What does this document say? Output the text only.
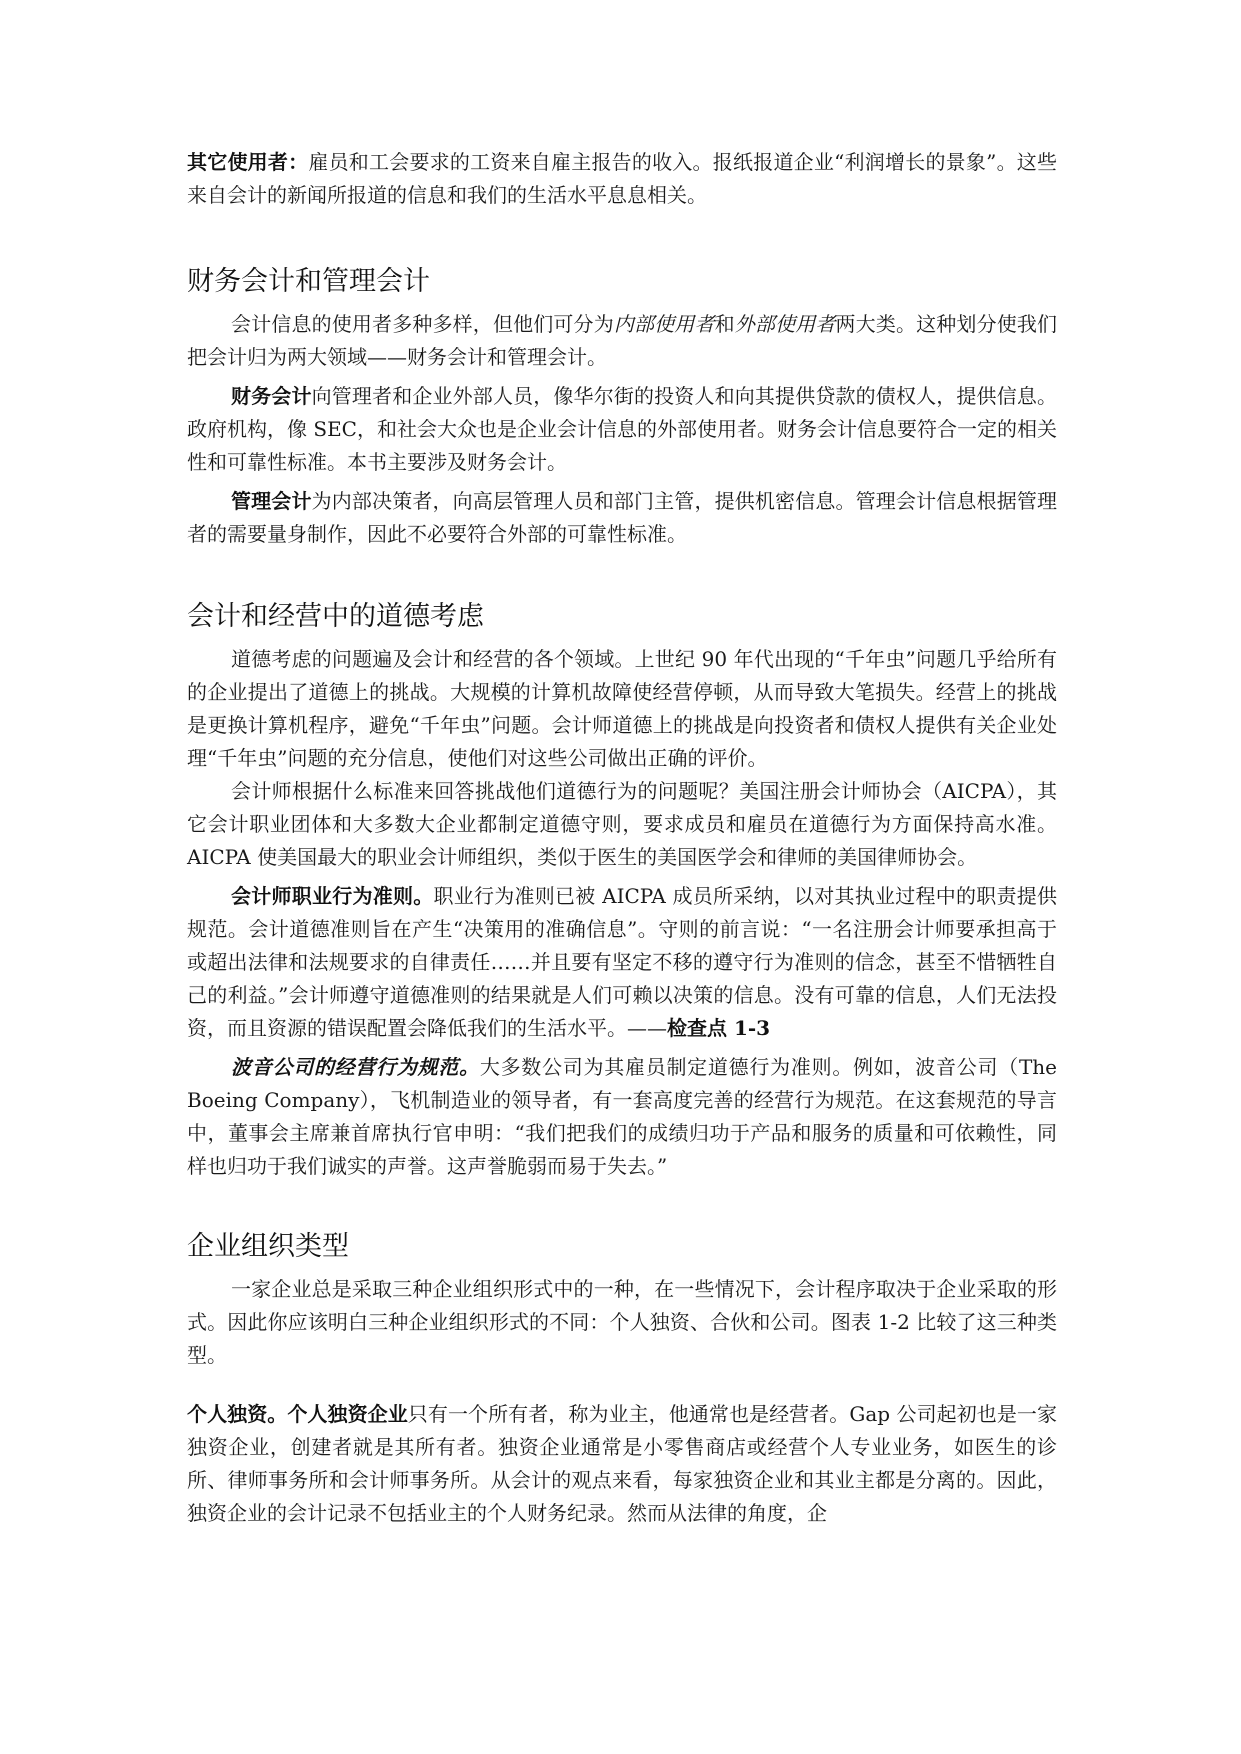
其它使用者：雇员和工会要求的工资来自雇主报告的收入。报纸报道企业“利润增长的景象”。这些来自会计的新闻所报道的信息和我们的生活水平息息相关。

财务会计和管理会计

会计信息的使用者多种多样，但他们可分为内部使用者和外部使用者两大类。这种划分使我们把会计归为两大领域——财务会计和管理会计。

财务会计向管理者和企业外部人员，像华尔街的投资人和向其提供贷款的债权人，提供信息。政府机构，像 SEC，和社会大众也是企业会计信息的外部使用者。财务会计信息要符合一定的相关性和可靠性标准。本书主要涉及财务会计。

管理会计为内部决策者，向高层管理人员和部门主管，提供机密信息。管理会计信息根据管理者的需要量身制作，因此不必要符合外部的可靠性标准。

会计和经营中的道德考虑

道德考虑的问题遍及会计和经营的各个领域。上世纪 90 年代出现的“千年虫”问题几乎给所有的企业提出了道德上的挑战。大规模的计算机故障使经营停顿，从而导致大笔损失。经营上的挑战是更换计算机程序，避免“千年虫”问题。会计师道德上的挑战是向投资者和债权人提供有关企业处理“千年虫”问题的充分信息，使他们对这些公司做出正确的评价。

会计师根据什么标准来回答挑战他们道德行为的问题呢？美国注册会计师协会（AICPA），其它会计职业团体和大多数大企业都制定道德守则，要求成员和雇员在道德行为方面保持高水准。AICPA 使美国最大的职业会计师组织，类似于医生的美国医学会和律师的美国律师协会。

会计师职业行为准则。职业行为准则已被 AICPA 成员所采纳，以对其执业过程中的职责提供规范。会计道德准则旨在产生“决策用的准确信息”。守则的前言说：“一名注册会计师要承担高于或超出法律和法规要求的自律责任……并且要有坚定不移的遵守行为准则的信念，甚至不惜牺牲自己的利益。”会计师遵守道德准则的结果就是人们可赖以决策的信息。没有可靠的信息，人们无法投资，而且资源的错误配置会降低我们的生活水平。——检查点 1-3

波音公司的经营行为规范。大多数公司为其雇员制定道德行为准则。例如，波音公司（The Boeing Company），飞机制造业的领导者，有一套高度完善的经营行为规范。在这套规范的导言中，董事会主席兼首席执行官申明：“我们把我们的成绩归功于产品和服务的质量和可依赖性，同样也归功于我们诚实的声誉。这声誉脆弱而易于失去。”

企业组织类型

一家企业总是采取三种企业组织形式中的一种，在一些情况下，会计程序取决于企业采取的形式。因此你应该明白三种企业组织形式的不同：个人独资、合伙和公司。图表 1-2 比较了这三种类型。

个人独资。个人独资企业只有一个所有者，称为业主，他通常也是经营者。Gap 公司起初也是一家独资企业，创建者就是其所有者。独资企业通常是小零售商店或经营个人专业业务，如医生的诊所、律师事务所和会计师事务所。从会计的观点来看，每家独资企业和其业主都是分离的。因此，独资企业的会计记录不包括业主的个人财务纪录。然而从法律的角度，企
